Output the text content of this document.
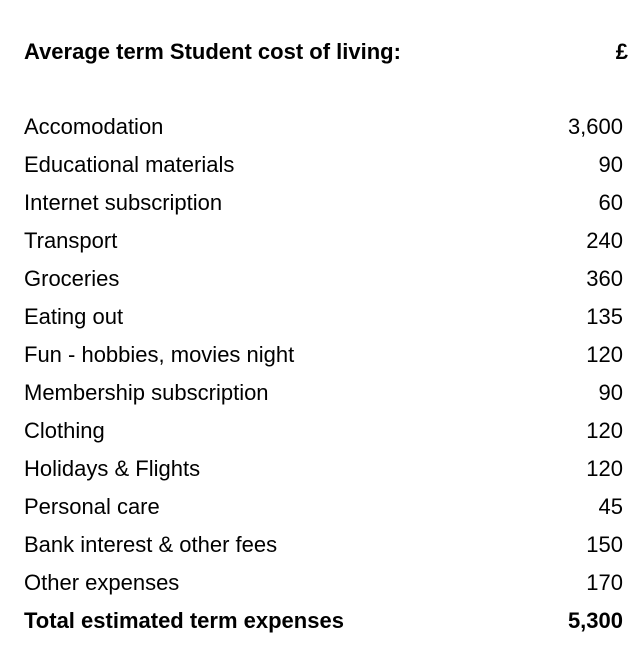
Average term Student cost of living:	£
Accomodation	3,600
Educational materials	90
Internet subscription	60
Transport	240
Groceries	360
Eating out	135
Fun - hobbies, movies night	120
Membership subscription	90
Clothing	120
Holidays & Flights	120
Personal care	45
Bank interest & other fees	150
Other expenses	170
Total estimated term expenses	5,300
